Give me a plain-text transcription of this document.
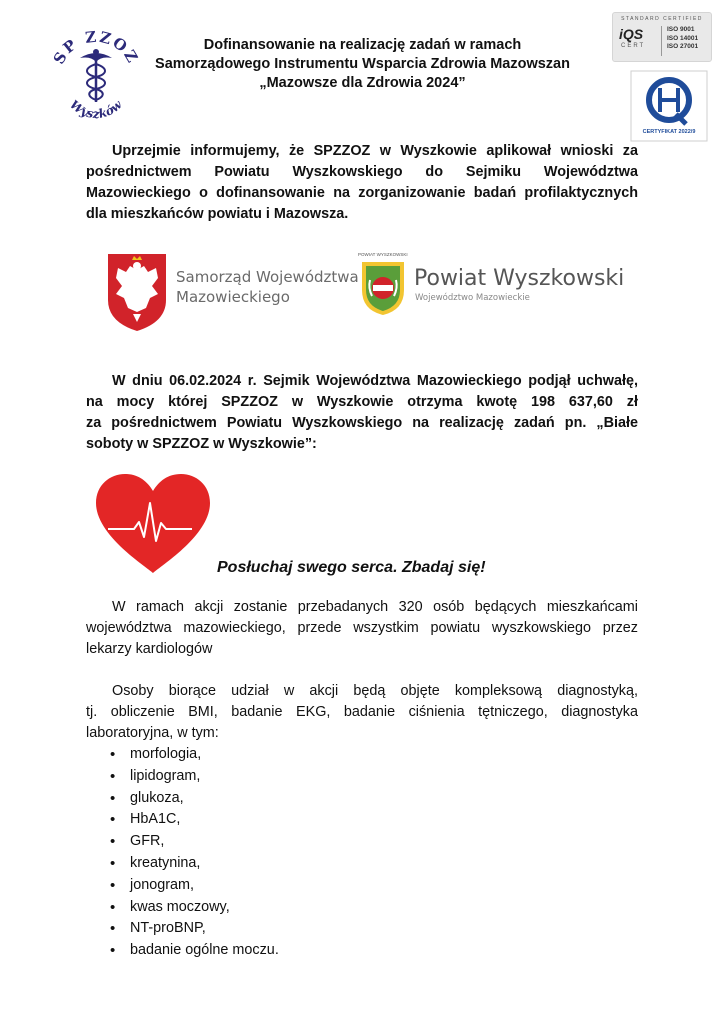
SP ZZOZ
Wyszków
Dofinansowanie na realizację zadań w ramach
Samorządowego Instrumentu Wsparcia Zdrowia Mazowszan
„Mazowsze dla Zdrowia 2024”
STANDARD CERTIFIED
iQS
CERT
ISO 9001
ISO 14001
ISO 27001
CERTYFIKAT 2022/9
Uprzejmie informujemy, że SPZZOZ w Wyszkowie aplikował wnioski za
pośrednictwem Powiatu Wyszkowskiego do Sejmiku Województwa
Mazowieckiego o dofinansowanie na zorganizowanie badań profilaktycznych
dla mieszkańców powiatu i Mazowsza.
Samorząd Województwa
Mazowieckiego
POWIAT WYSZKOWSKI
Powiat Wyszkowski
Województwo Mazowieckie
W dniu 06.02.2024 r. Sejmik Województwa Mazowieckiego podjął uchwałę,
na mocy której SPZZOZ w Wyszkowie otrzyma kwotę 198 637,60 zł
za pośrednictwem Powiatu Wyszkowskiego na realizację zadań pn. „Białe
soboty w SPZZOZ w Wyszkowie”:
Posłuchaj swego serca. Zbadaj się!
W ramach akcji zostanie przebadanych 320 osób będących mieszkańcami
województwa mazowieckiego, przede wszystkim powiatu wyszkowskiego przez
lekarzy kardiologów
Osoby biorące udział w akcji będą objęte kompleksową diagnostyką,
tj. obliczenie BMI, badanie EKG, badanie ciśnienia tętniczego, diagnostyka
laboratoryjna, w tym:
• morfologia,
• lipidogram,
• glukoza,
• HbA1C,
• GFR,
• kreatynina,
• jonogram,
• kwas moczowy,
• NT-proBNP,
• badanie ogólne moczu.
